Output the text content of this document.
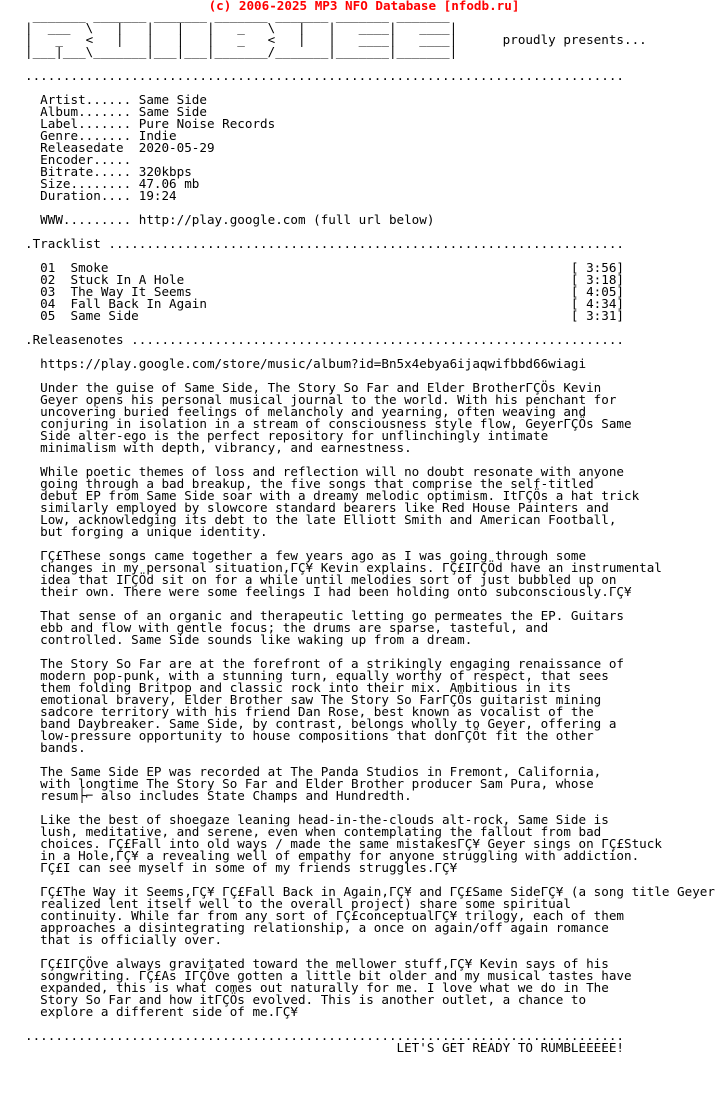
(c) 2006-2025 MP3 NFO Database [nfodb.ru]
_______ _______ _______ _______ _______ _______ _______
|  ___  \   |   |   |   |   _   \   |   |   ____|   ____|
|   _   <   |   |   |   |   _   <   |   |   ____|   ____|      proudly presents...
|___|___\_______|___|___|_______/_______|_______|_______|

...............................................................................

Artist...... Same Side
Album....... Same Side
Label....... Pure Noise Records
Genre....... Indie
Releasedate  2020-05-29
Encoder.....
Bitrate..... 320kbps
Size........ 47.06 mb
Duration.... 19:24

WWW......... http://play.google.com (full url below)

.Tracklist ....................................................................

01  Smoke                                                             [ 3:56]
02  Stuck In A Hole                                                   [ 3:18]
03  The Way It Seems                                                  [ 4:05]
04  Fall Back In Again                                                [ 4:34]
05  Same Side                                                         [ 3:31]

.Releasenotes .................................................................

https://play.google.com/store/music/album?id=Bn5x4ebya6ijaqwifbbd66wiagi

Under the guise of Same Side, The Story So Far and Elder BrotherΓÇÖs Kevin
Geyer opens his personal musical journal to the world. With his penchant for
uncovering buried feelings of melancholy and yearning, often weaving and
conjuring in isolation in a stream of consciousness style flow, GeyerΓÇÖs Same
Side alter-ego is the perfect repository for unflinchingly intimate
minimalism with depth, vibrancy, and earnestness.

While poetic themes of loss and reflection will no doubt resonate with anyone
going through a bad breakup, the five songs that comprise the self-titled
debut EP from Same Side soar with a dreamy melodic optimism. ItΓÇÖs a hat trick
similarly employed by slowcore standard bearers like Red House Painters and
Low, acknowledging its debt to the late Elliott Smith and American Football,
but forging a unique identity.

ΓÇ£These songs came together a few years ago as I was going through some
changes in my personal situation,ΓÇ¥ Kevin explains. ΓÇ£IΓÇÖd have an instrumental
idea that IΓÇÖd sit on for a while until melodies sort of just bubbled up on
their own. There were some feelings I had been holding onto subconsciously.ΓÇ¥

That sense of an organic and therapeutic letting go permeates the EP. Guitars
ebb and flow with gentle focus; the drums are sparse, tasteful, and
controlled. Same Side sounds like waking up from a dream.

The Story So Far are at the forefront of a strikingly engaging renaissance of
modern pop-punk, with a stunning turn, equally worthy of respect, that sees
them folding Britpop and classic rock into their mix. Ambitious in its
emotional bravery, Elder Brother saw The Story So FarΓÇÖs guitarist mining
sadcore territory with his friend Dan Rose, best known as vocalist of the
band Daybreaker. Same Side, by contrast, belongs wholly to Geyer, offering a
low-pressure opportunity to house compositions that donΓÇÖt fit the other
bands.

The Same Side EP was recorded at The Panda Studios in Fremont, California,
with longtime The Story So Far and Elder Brother producer Sam Pura, whose
resum├⌐ also includes State Champs and Hundredth.

Like the best of shoegaze leaning head-in-the-clouds alt-rock, Same Side is
lush, meditative, and serene, even when contemplating the fallout from bad
choices. ΓÇ£Fall into old ways / made the same mistakesΓÇ¥ Geyer sings on ΓÇ£Stuck
in a Hole,ΓÇ¥ a revealing well of empathy for anyone struggling with addiction.
ΓÇ£I can see myself in some of my friends struggles.ΓÇ¥

ΓÇ£The Way it Seems,ΓÇ¥ ΓÇ£Fall Back in Again,ΓÇ¥ and ΓÇ£Same SideΓÇ¥ (a song title Geyer
realized lent itself well to the overall project) share some spiritual
continuity. While far from any sort of ΓÇ£conceptualΓÇ¥ trilogy, each of them
approaches a disintegrating relationship, a once on again/off again romance
that is officially over.

ΓÇ£IΓÇÖve always gravitated toward the mellower stuff,ΓÇ¥ Kevin says of his
songwriting. ΓÇ£As IΓÇÖve gotten a little bit older and my musical tastes have
expanded, this is what comes out naturally for me. I love what we do in The
Story So Far and how itΓÇÖs evolved. This is another outlet, a chance to
explore a different side of me.ΓÇ¥

...............................................................................
LET'S GET READY TO RUMBLEEEEE!
